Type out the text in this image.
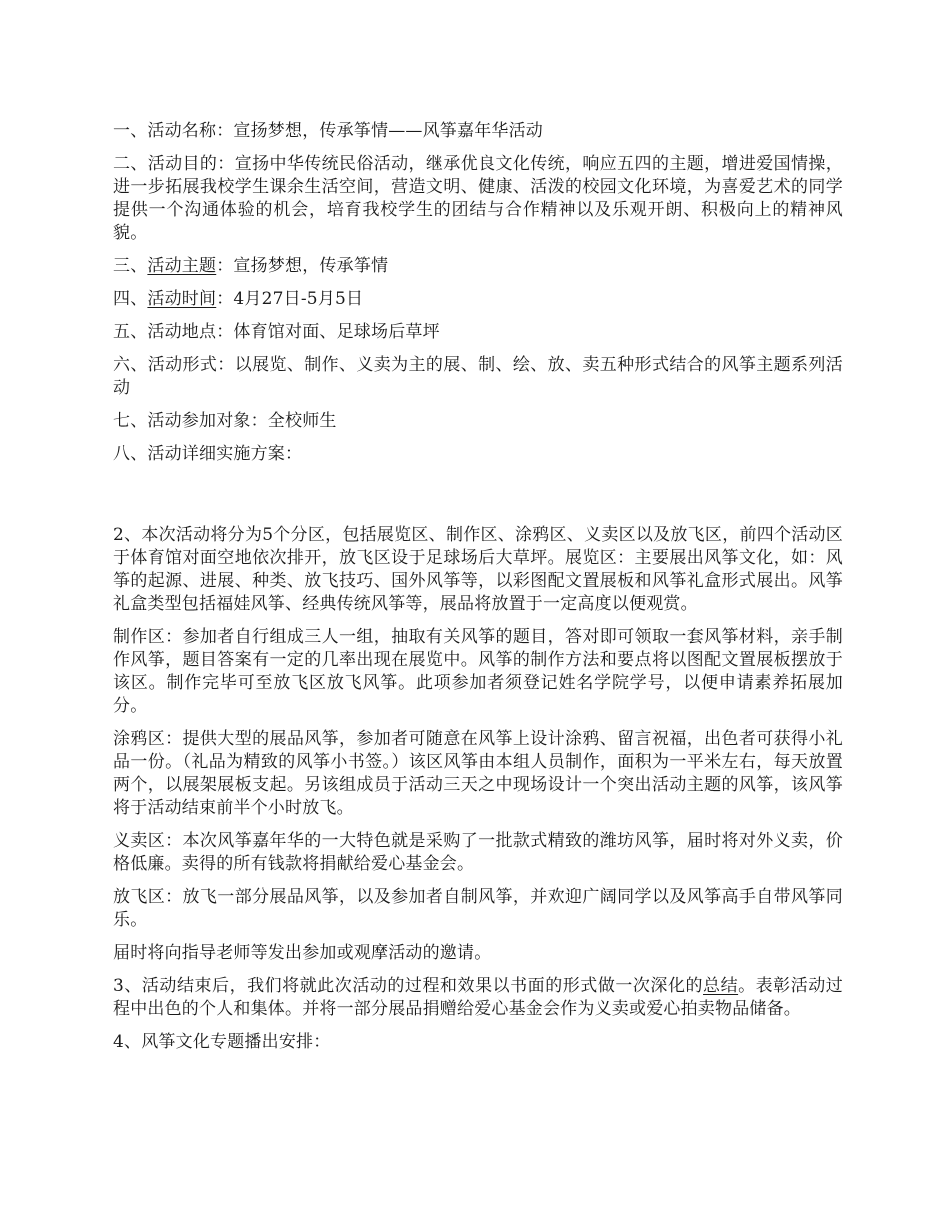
一、活动名称：宣扬梦想，传承筝情——风筝嘉年华活动

二、活动目的：宣扬中华传统民俗活动，继承优良文化传统，响应五四的主题，增进爱国情操，进一步拓展我校学生课余生活空间，营造文明、健康、活泼的校园文化环境，为喜爱艺术的同学提供一个沟通体验的机会，培育我校学生的团结与合作精神以及乐观开朗、积极向上的精神风貌。

三、活动主题：宣扬梦想，传承筝情

四、活动时间：4月27日-5月5日

五、活动地点：体育馆对面、足球场后草坪

六、活动形式：以展览、制作、义卖为主的展、制、绘、放、卖五种形式结合的风筝主题系列活动

七、活动参加对象：全校师生

八、活动详细实施方案：

2、本次活动将分为5个分区，包括展览区、制作区、涂鸦区、义卖区以及放飞区，前四个活动区于体育馆对面空地依次排开，放飞区设于足球场后大草坪。展览区：主要展出风筝文化，如：风筝的起源、进展、种类、放飞技巧、国外风筝等，以彩图配文置展板和风筝礼盒形式展出。风筝礼盒类型包括福娃风筝、经典传统风筝等，展品将放置于一定高度以便观赏。

制作区：参加者自行组成三人一组，抽取有关风筝的题目，答对即可领取一套风筝材料，亲手制作风筝，题目答案有一定的几率出现在展览中。风筝的制作方法和要点将以图配文置展板摆放于该区。制作完毕可至放飞区放飞风筝。此项参加者须登记姓名学院学号，以便申请素养拓展加分。

涂鸦区：提供大型的展品风筝，参加者可随意在风筝上设计涂鸦、留言祝福，出色者可获得小礼品一份。（礼品为精致的风筝小书签。）该区风筝由本组人员制作，面积为一平米左右，每天放置两个，以展架展板支起。另该组成员于活动三天之中现场设计一个突出活动主题的风筝，该风筝将于活动结束前半个小时放飞。

义卖区：本次风筝嘉年华的一大特色就是采购了一批款式精致的潍坊风筝，届时将对外义卖，价格低廉。卖得的所有钱款将捐献给爱心基金会。

放飞区：放飞一部分展品风筝，以及参加者自制风筝，并欢迎广阔同学以及风筝高手自带风筝同乐。

届时将向指导老师等发出参加或观摩活动的邀请。

3、活动结束后，我们将就此次活动的过程和效果以书面的形式做一次深化的总结。表彰活动过程中出色的个人和集体。并将一部分展品捐赠给爱心基金会作为义卖或爱心拍卖物品储备。

4、风筝文化专题播出安排：
